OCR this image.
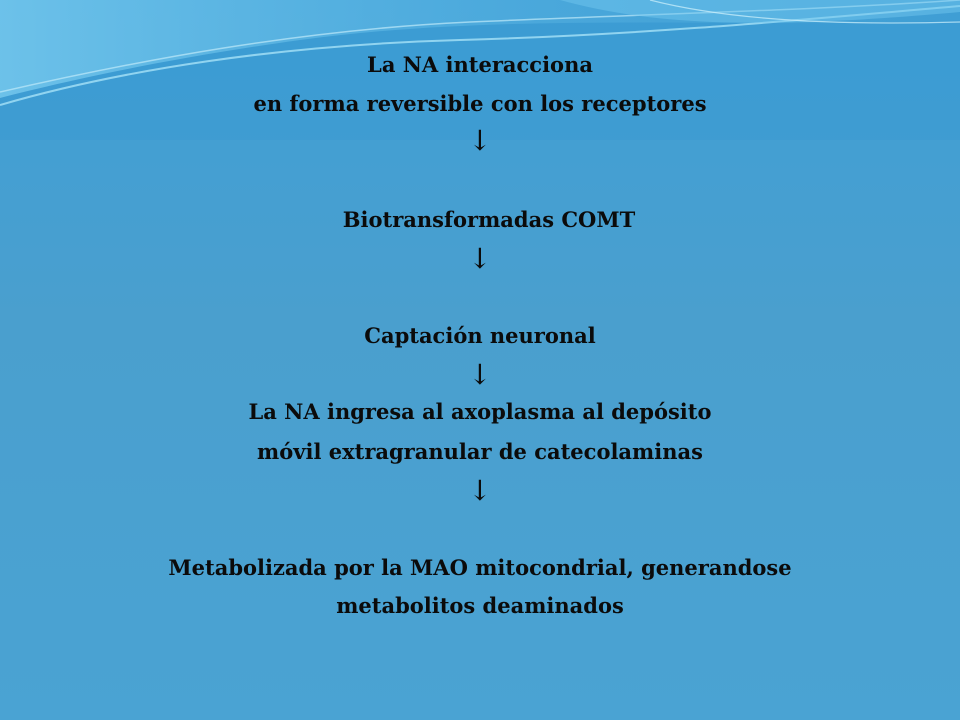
La NA interacciona
en forma reversible con los receptores
↓
Biotransformadas COMT
↓
Captación neuronal
↓
La NA ingresa al axoplasma al depósito
móvil extragranular de catecolaminas
↓
Metabolizada por la MAO mitocondrial, generandose
metabolitos deaminados
